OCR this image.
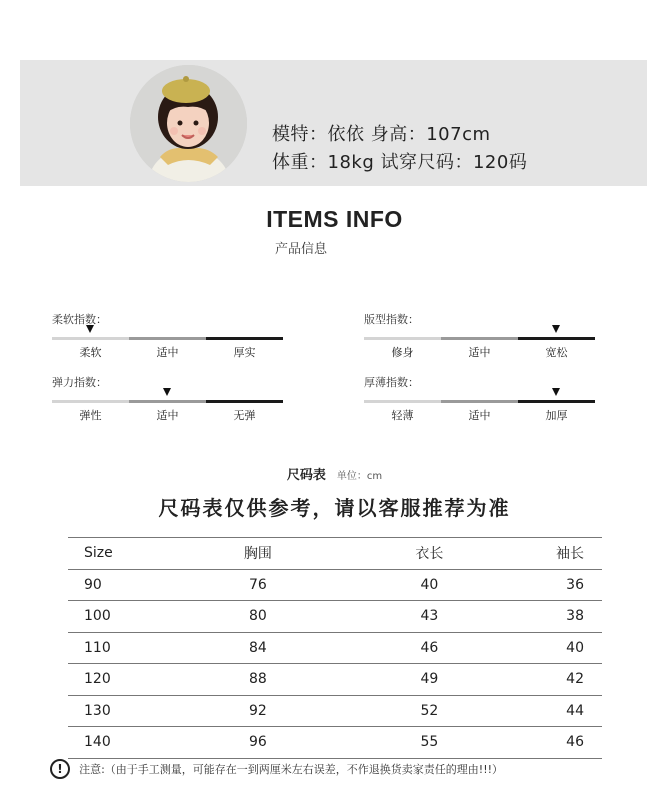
模特：依依 身高：107cm
体重：18kg 试穿尺码：120码
ITEMS INFO
产品信息
柔软指数：
柔软	适中	厚实
版型指数：
修身	适中	宽松
弹力指数：
弹性	适中	无弹
厚薄指数：
轻薄	适中	加厚
尺码表 单位：cm
尺码表仅供参考，请以客服推荐为准
Size	胸围	衣长	袖长
90	76	40	36
100	80	43	38
110	84	46	40
120	88	49	42
130	92	52	44
140	96	55	46
! 注意:（由于手工测量，可能存在一到两厘米左右误差，不作退换货卖家责任的理由!!!）
